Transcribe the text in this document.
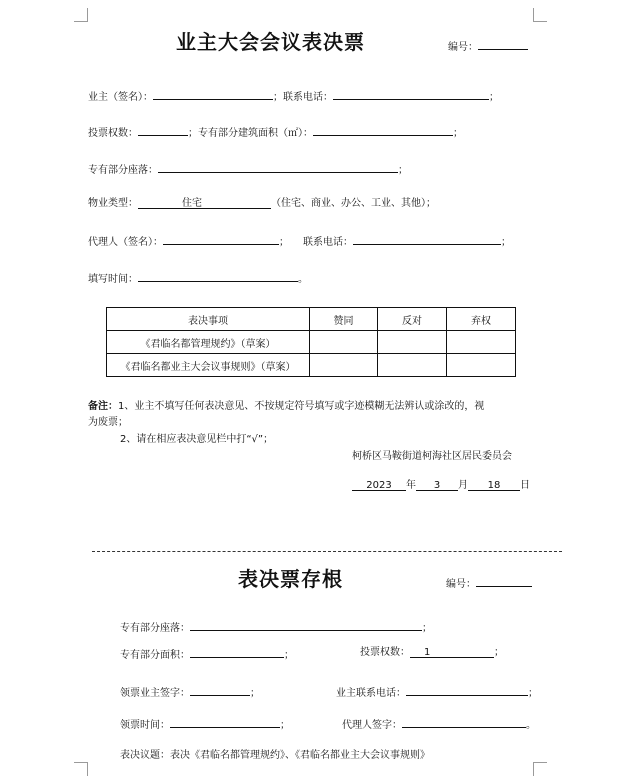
业主大会会议表决票	编号：
业主（签名）：	；联系电话：	；
投票权数：	；专有部分建筑面积（㎡）：	；
专有部分座落：	；
物业类型：	住宅	（住宅、商业、办公、工业、其他）；
代理人（签名）：	； 联系电话：	；
填写时间：	。
表决事项	赞同	反对	弃权
《君临名都管理规约》（草案）			
《君临名都业主大会议事规则》（草案）			
备注：1、业主不填写任何表决意见、不按规定符号填写或字迹模糊无法辨认或涂改的，视
为废票；
2、请在相应表决意见栏中打“√”；
柯桥区马鞍街道柯海社区居民委员会
2023 年 3 月 18 日
表决票存根	编号：
专有部分座落：	；
专有部分面积：	；	投票权数： 1	；
领票业主签字：	；	业主联系电话：	；
领票时间：	；	代理人签字：	。
表决议题：表决《君临名都管理规约》、《君临名都业主大会议事规则》
